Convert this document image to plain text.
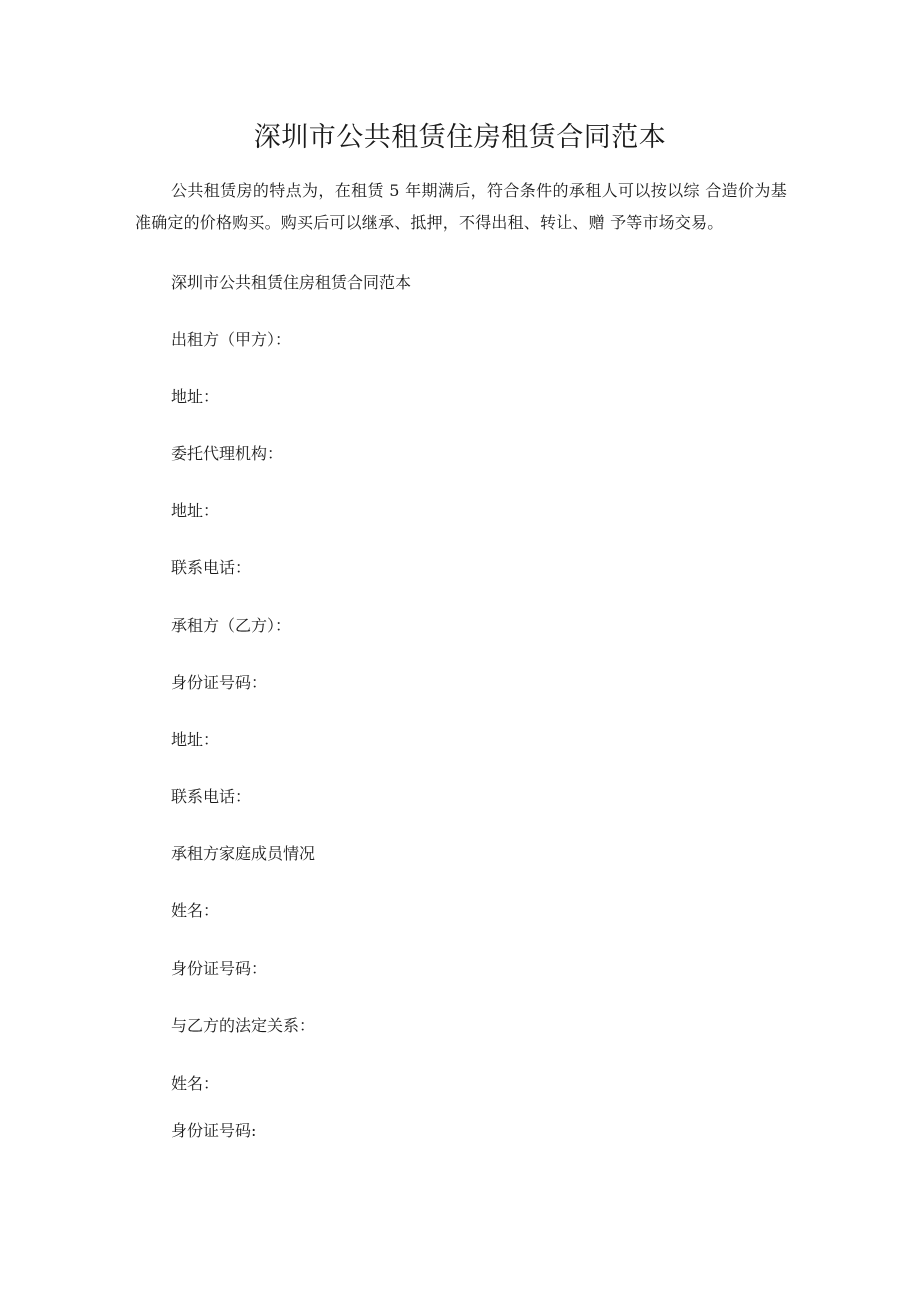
深圳市公共租赁住房租赁合同范本
公共租赁房的特点为，在租赁 5 年期满后，符合条件的承租人可以按以综 合造价为基准确定的价格购买。购买后可以继承、抵押，不得出租、转让、赠 予等市场交易。
深圳市公共租赁住房租赁合同范本
出租方（甲方）：
地址：
委托代理机构：
地址：
联系电话：
承租方（乙方）：
身份证号码：
地址：
联系电话：
承租方家庭成员情况
姓名：
身份证号码：
与乙方的法定关系：
姓名：
身份证号码:
